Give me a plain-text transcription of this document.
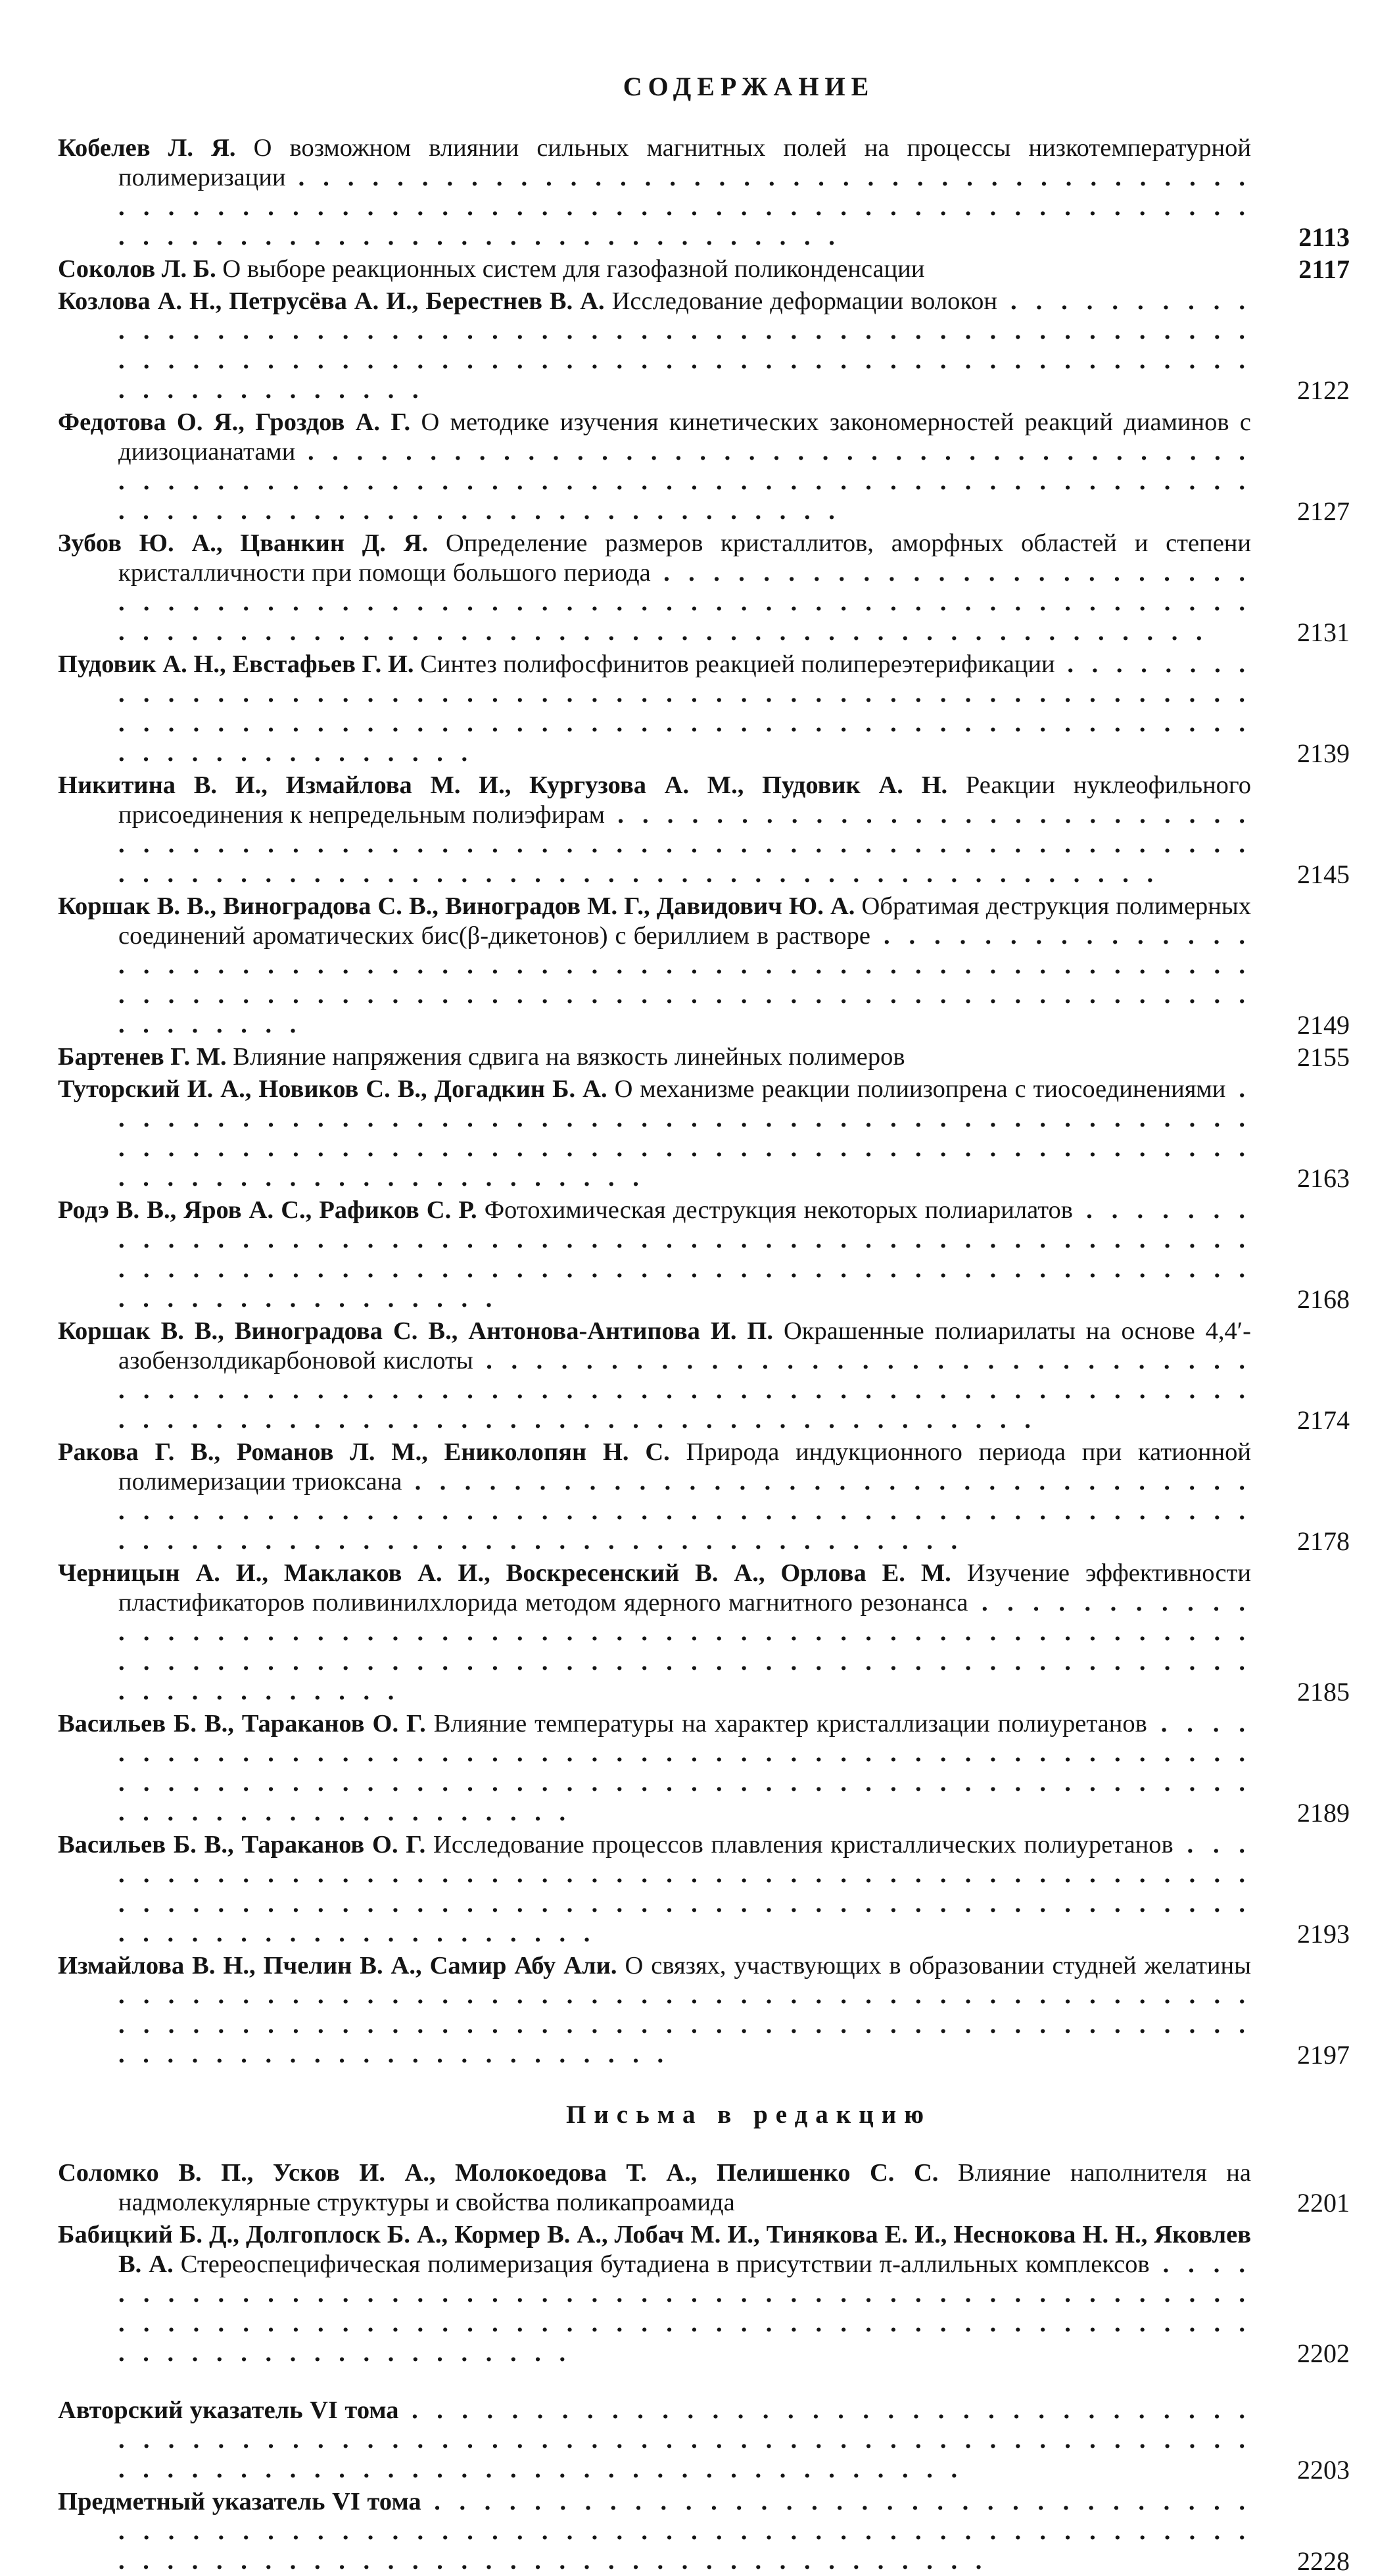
СОДЕРЖАНИЕ
Кобелев Л. Я. О возможном влиянии сильных магнитных полей на процессы низкотемпературной полимеризации . . .
2113
Соколов Л. Б. О выборе реакционных систем для газофазной поликонденсации	2117
Козлова А. Н., Петрусёва А. И., Берестнев В. А. Исследование деформации волокон . . .
2122
Федотова О. Я., Гроздов А. Г. О методике изучения кинетических закономерностей реакций диаминов с диизоцианатами . . .
2127
Зубов Ю. А., Цванкин Д. Я. Определение размеров кристаллитов, аморфных областей и степени кристалличности при помощи большого периода . . .
2131
Пудовик А. Н., Евстафьев Г. И. Синтез полифосфинитов реакцией полипереэтерификации . . .
2139
Никитина В. И., Измайлова М. И., Кургузова А. М., Пудовик А. Н. Реакции нуклеофильного присоединения к непредельным полиэфирам . . .
2145
Коршак В. В., Виноградова С. В., Виноградов М. Г., Давидович Ю. А. Обратимая деструкция полимерных соединений ароматических бис(β-дикетонов) с бериллием в растворе . . .
2149
Бартенев Г. М. Влияние напряжения сдвига на вязкость линейных полимеров	2155
Туторский И. А., Новиков С. В., Догадкин Б. А. О механизме реакции полиизопрена с тиосоединениями . . .
2163
Родэ В. В., Яров А. С., Рафиков С. Р. Фотохимическая деструкция некоторых полиарилатов . . .
2168
Коршак В. В., Виноградова С. В., Антонова-Антипова И. П. Окрашенные полиарилаты на основе 4,4′-азобензолдикарбоновой кислоты . . .
2174
Ракова Г. В., Романов Л. М., Ениколопян Н. С. Природа индукционного периода при катионной полимеризации триоксана . . .
2178
Черницын А. И., Маклаков А. И., Воскресенский В. А., Орлова Е. М. Изучение эффективности пластификаторов поливинилхлорида методом ядерного магнитного резонанса . . .
2185
Васильев Б. В., Тараканов О. Г. Влияние температуры на характер кристаллизации полиуретанов . . .
2189
Васильев Б. В., Тараканов О. Г. Исследование процессов плавления кристаллических полиуретанов . . .
2193
Измайлова В. Н., Пчелин В. А., Самир Абу Али. О связях, участвующих в образовании студней желатины . . .
2197
Письма в редакцию
Соломко В. П., Усков И. А., Молокоедова Т. А., Пелишенко С. С. Влияние наполнителя на надмолекулярные структуры и свойства поликапроамида	2201
Бабицкий Б. Д., Долгоплоск Б. А., Кормер В. А., Лобач М. И., Тинякова Е. И., Неснокова Н. Н., Яковлев В. А. Стереоспецифическая полимеризация бутадиена в присутствии π-аллильных комплексов . . .
2202
Авторский указатель VI тома . . .
2203
Предметный указатель VI тома . . .
2228
